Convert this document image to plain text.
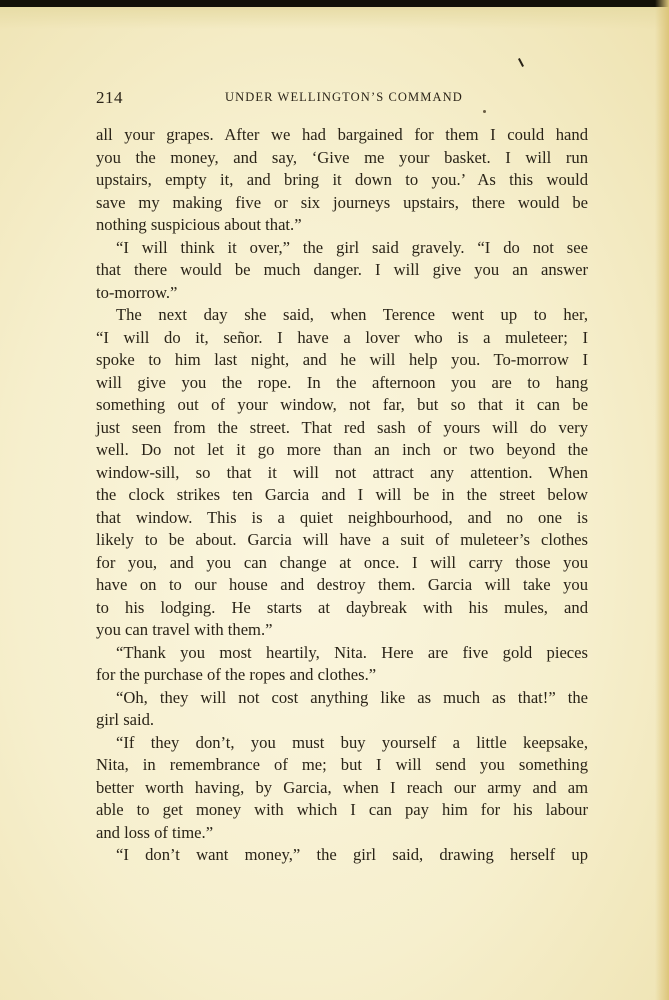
214	UNDER WELLINGTON’S COMMAND
all your grapes. After we had bargained for them I could hand
you the money, and say, ‘Give me your basket. I will run
upstairs, empty it, and bring it down to you.’ As this would
save my making five or six journeys upstairs, there would be
nothing suspicious about that.”
“I will think it over,” the girl said gravely. “I do not see
that there would be much danger. I will give you an answer
to-morrow.”
The next day she said, when Terence went up to her,
“I will do it, señor. I have a lover who is a muleteer; I
spoke to him last night, and he will help you. To-morrow I
will give you the rope. In the afternoon you are to hang
something out of your window, not far, but so that it can be
just seen from the street. That red sash of yours will do very
well. Do not let it go more than an inch or two beyond the
window-sill, so that it will not attract any attention. When
the clock strikes ten Garcia and I will be in the street below
that window. This is a quiet neighbourhood, and no one is
likely to be about. Garcia will have a suit of muleteer’s clothes
for you, and you can change at once. I will carry those you
have on to our house and destroy them. Garcia will take you
to his lodging. He starts at daybreak with his mules, and
you can travel with them.”
“Thank you most heartily, Nita. Here are five gold pieces
for the purchase of the ropes and clothes.”
“Oh, they will not cost anything like as much as that!” the
girl said.
“If they don’t, you must buy yourself a little keepsake,
Nita, in remembrance of me; but I will send you something
better worth having, by Garcia, when I reach our army and am
able to get money with which I can pay him for his labour
and loss of time.”
“I don’t want money,” the girl said, drawing herself up
